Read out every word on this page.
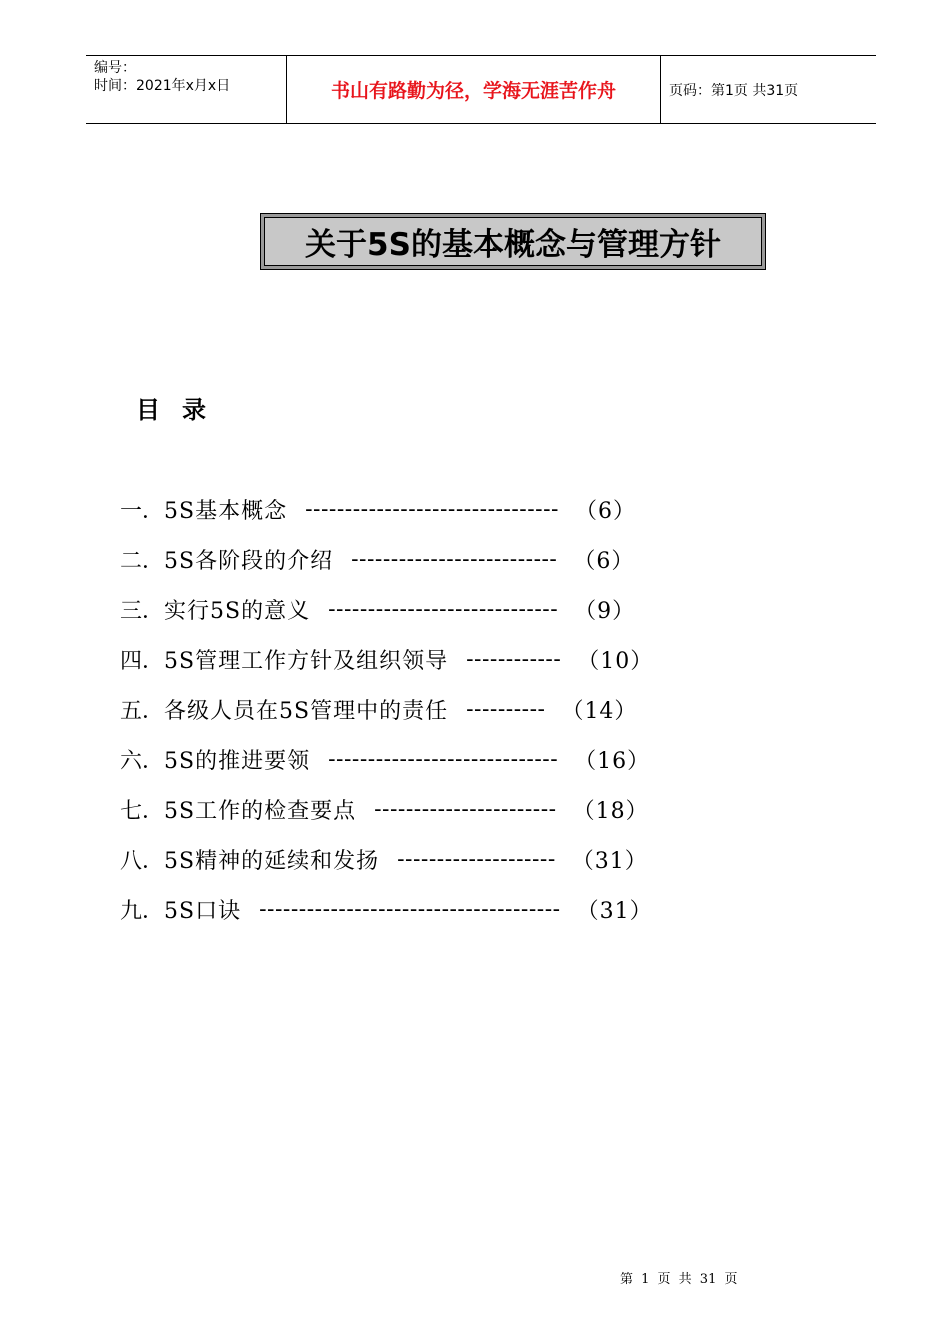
编号：
时间：2021年x月x日	书山有路勤为径，学海无涯苦作舟	页码：第1页 共31页
关于5S的基本概念与管理方针
目录
一． 5S基本概念 -------------------------------- （6）
二． 5S各阶段的介绍 -------------------------- （6）
三． 实行5S的意义 ----------------------------- （9）
四． 5S管理工作方针及组织领导 ------------ （10）
五． 各级人员在5S管理中的责任 ---------- （14）
六． 5S的推进要领 ----------------------------- （16）
七． 5S工作的检查要点 ----------------------- （18）
八． 5S精神的延续和发扬 -------------------- （31）
九． 5S口诀 -------------------------------------- （31）
第 1 页 共 31 页
